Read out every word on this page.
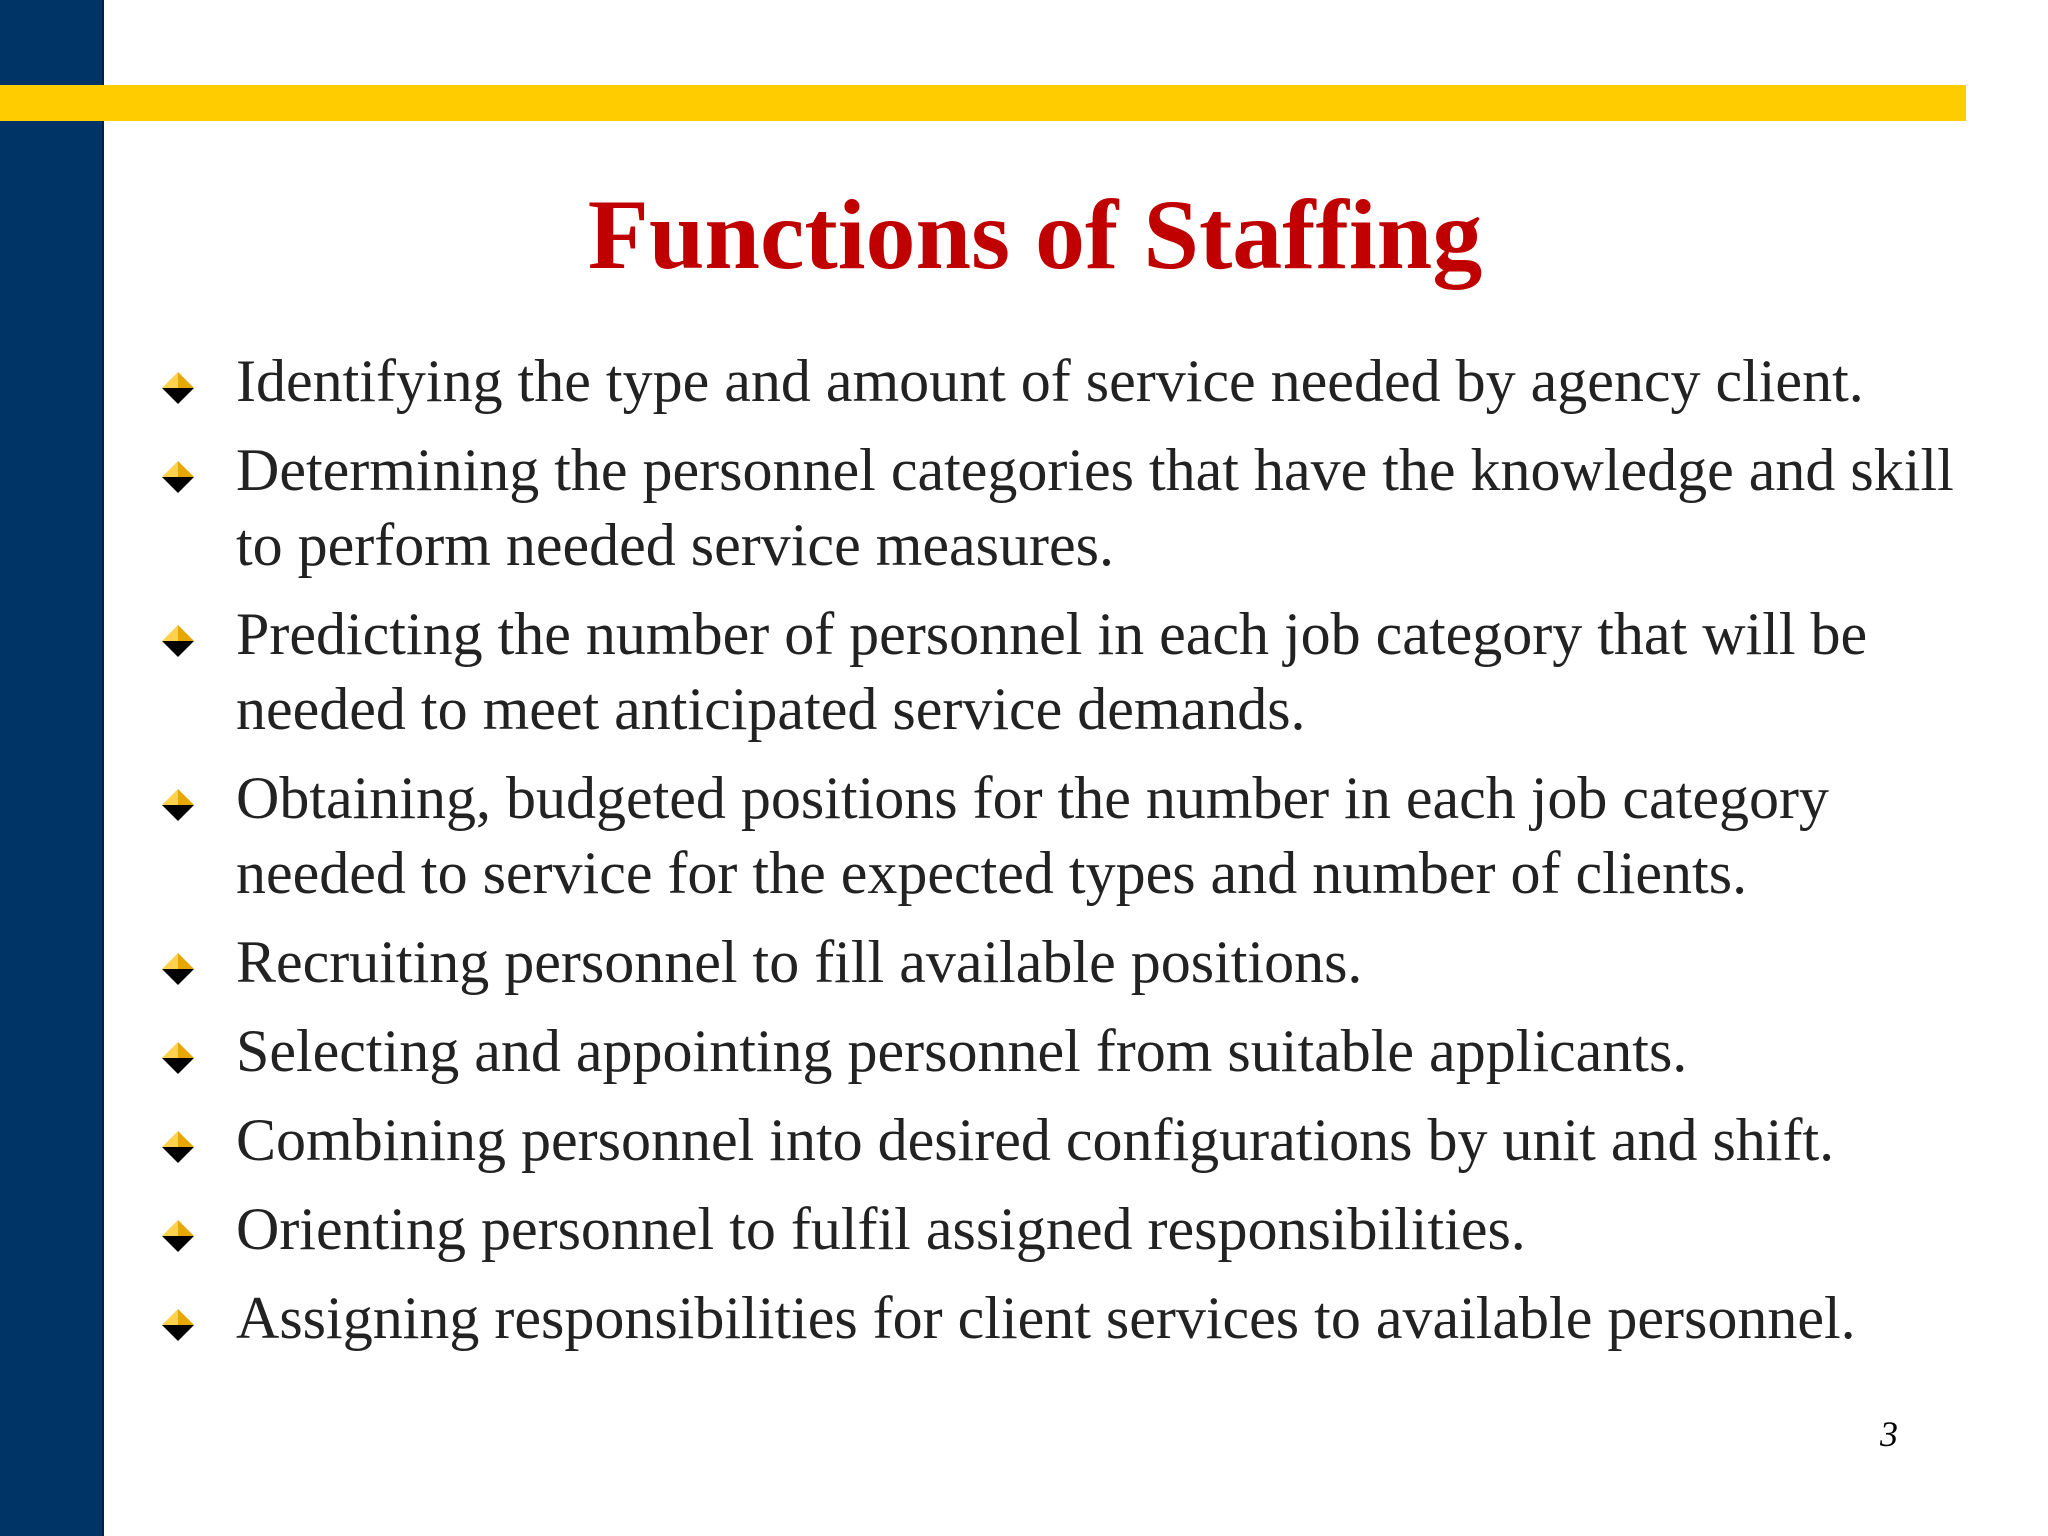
Functions of Staffing
Identifying the type and amount of service needed by agency client.
Determining the personnel categories that have the knowledge and skill to perform needed service measures.
Predicting the number of personnel in each job category that will be needed to meet anticipated service demands.
Obtaining, budgeted positions for the number in each job category needed to service for the expected types and number of clients.
Recruiting personnel to fill available positions.
Selecting and appointing personnel from suitable applicants.
Combining personnel into desired configurations by unit and shift.
Orienting personnel to fulfil assigned responsibilities.
Assigning responsibilities for client services to available personnel.
3
